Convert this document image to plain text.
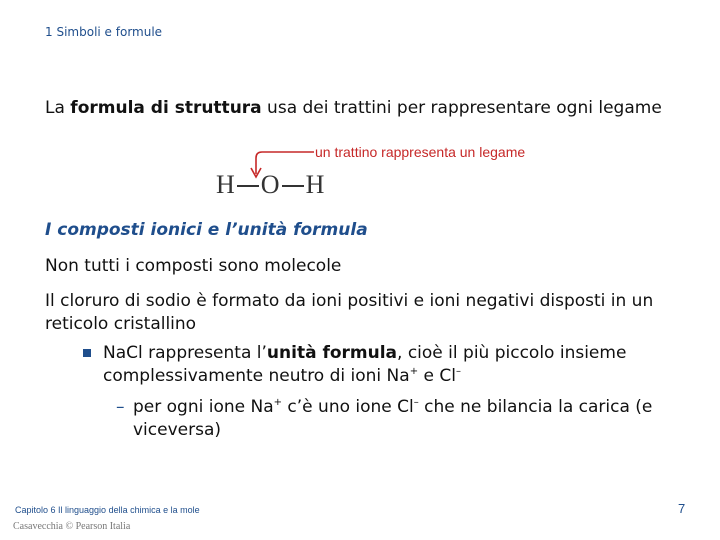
1 Simboli e formule
La formula di struttura usa dei trattini per rappresentare ogni legame
un trattino rappresenta un legame
H O H
I composti ionici e l’unità formula
Non tutti i composti sono molecole
Il cloruro di sodio è formato da ioni positivi e ioni negativi disposti in un reticolo cristallino
NaCl rappresenta l’unità formula, cioè il più piccolo insieme complessivamente neutro di ioni Na+ e Cl–
– per ogni ione Na+ c’è uno ione Cl– che ne bilancia la carica (e viceversa)
Capitolo 6 Il linguaggio della chimica e la mole
Casavecchia © Pearson Italia
7
